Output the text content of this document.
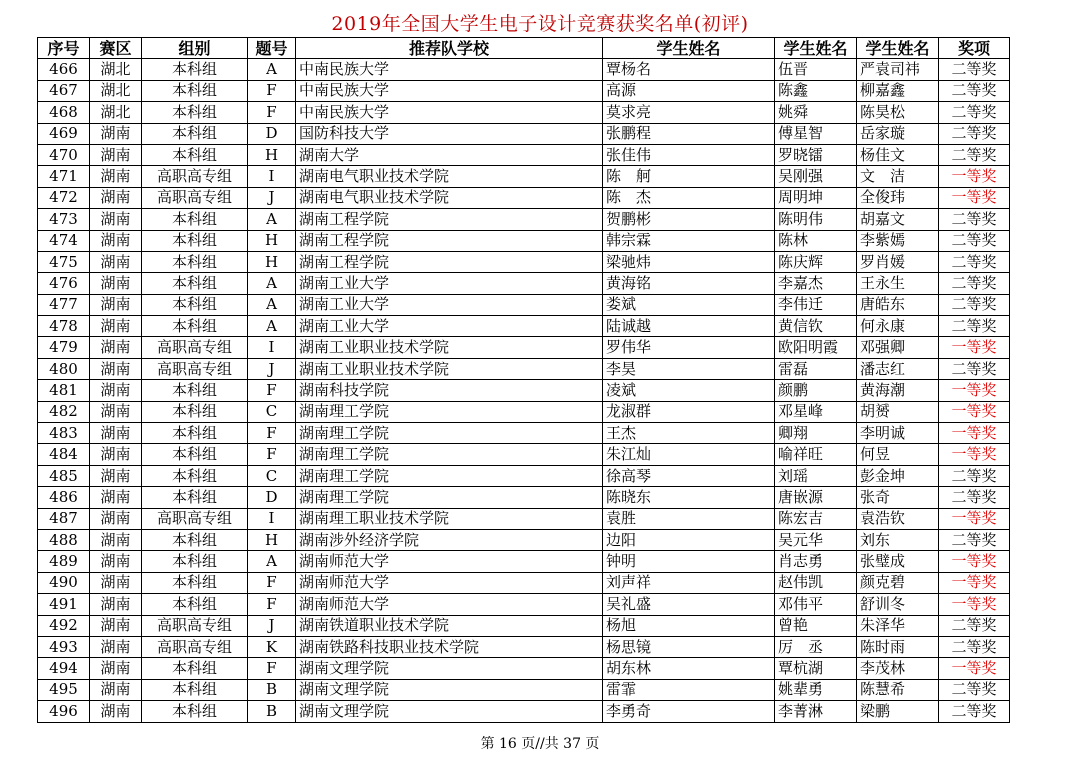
2019年全国大学生电子设计竞赛获奖名单(初评)
序号	赛区	组别	题号	推荐队学校	学生姓名	学生姓名	学生姓名	奖项
466	湖北	本科组	A	中南民族大学	覃杨名	伍晋	严袁司祎	二等奖
467	湖北	本科组	F	中南民族大学	高源	陈鑫	柳嘉鑫	二等奖
468	湖北	本科组	F	中南民族大学	莫求亮	姚舜	陈昊松	二等奖
469	湖南	本科组	D	国防科技大学	张鹏程	傅星智	岳家璇	二等奖
470	湖南	本科组	H	湖南大学	张佳伟	罗晓镭	杨佳文	二等奖
471	湖南	高职高专组	I	湖南电气职业技术学院	陈　舸	吴刚强	文　洁	一等奖
472	湖南	高职高专组	J	湖南电气职业技术学院	陈　杰	周明坤	全俊玮	一等奖
473	湖南	本科组	A	湖南工程学院	贺鹏彬	陈明伟	胡嘉文	二等奖
474	湖南	本科组	H	湖南工程学院	韩宗霖	陈林	李紫嫣	二等奖
475	湖南	本科组	H	湖南工程学院	梁驰炜	陈庆辉	罗肖媛	二等奖
476	湖南	本科组	A	湖南工业大学	黄海铭	李嘉杰	王永生	二等奖
477	湖南	本科组	A	湖南工业大学	娄斌	李伟迁	唐皓东	二等奖
478	湖南	本科组	A	湖南工业大学	陆诚越	黄信钦	何永康	二等奖
479	湖南	高职高专组	I	湖南工业职业技术学院	罗伟华	欧阳明霞	邓强卿	一等奖
480	湖南	高职高专组	J	湖南工业职业技术学院	李昊	雷磊	潘志红	二等奖
481	湖南	本科组	F	湖南科技学院	凌斌	颜鹏	黄海潮	一等奖
482	湖南	本科组	C	湖南理工学院	龙淑群	邓星峰	胡赟	一等奖
483	湖南	本科组	F	湖南理工学院	王杰	卿翔	李明诚	一等奖
484	湖南	本科组	F	湖南理工学院	朱江灿	喻祥旺	何昱	一等奖
485	湖南	本科组	C	湖南理工学院	徐高琴	刘瑶	彭金坤	二等奖
486	湖南	本科组	D	湖南理工学院	陈晓东	唐嵌源	张奇	二等奖
487	湖南	高职高专组	I	湖南理工职业技术学院	袁胜	陈宏吉	袁浩钦	一等奖
488	湖南	本科组	H	湖南涉外经济学院	边阳	吴元华	刘东	二等奖
489	湖南	本科组	A	湖南师范大学	钟明	肖志勇	张璧成	一等奖
490	湖南	本科组	F	湖南师范大学	刘声祥	赵伟凯	颜克碧	一等奖
491	湖南	本科组	F	湖南师范大学	吴礼盛	邓伟平	舒训冬	一等奖
492	湖南	高职高专组	J	湖南铁道职业技术学院	杨旭	曾艳	朱泽华	二等奖
493	湖南	高职高专组	K	湖南铁路科技职业技术学院	杨思镜	厉　丞	陈时雨	二等奖
494	湖南	本科组	F	湖南文理学院	胡东林	覃杭湖	李茂林	一等奖
495	湖南	本科组	B	湖南文理学院	雷霏	姚辈勇	陈慧希	二等奖
496	湖南	本科组	B	湖南文理学院	李勇奇	李菁淋	梁鹏	二等奖
第 16 页//共 37 页
